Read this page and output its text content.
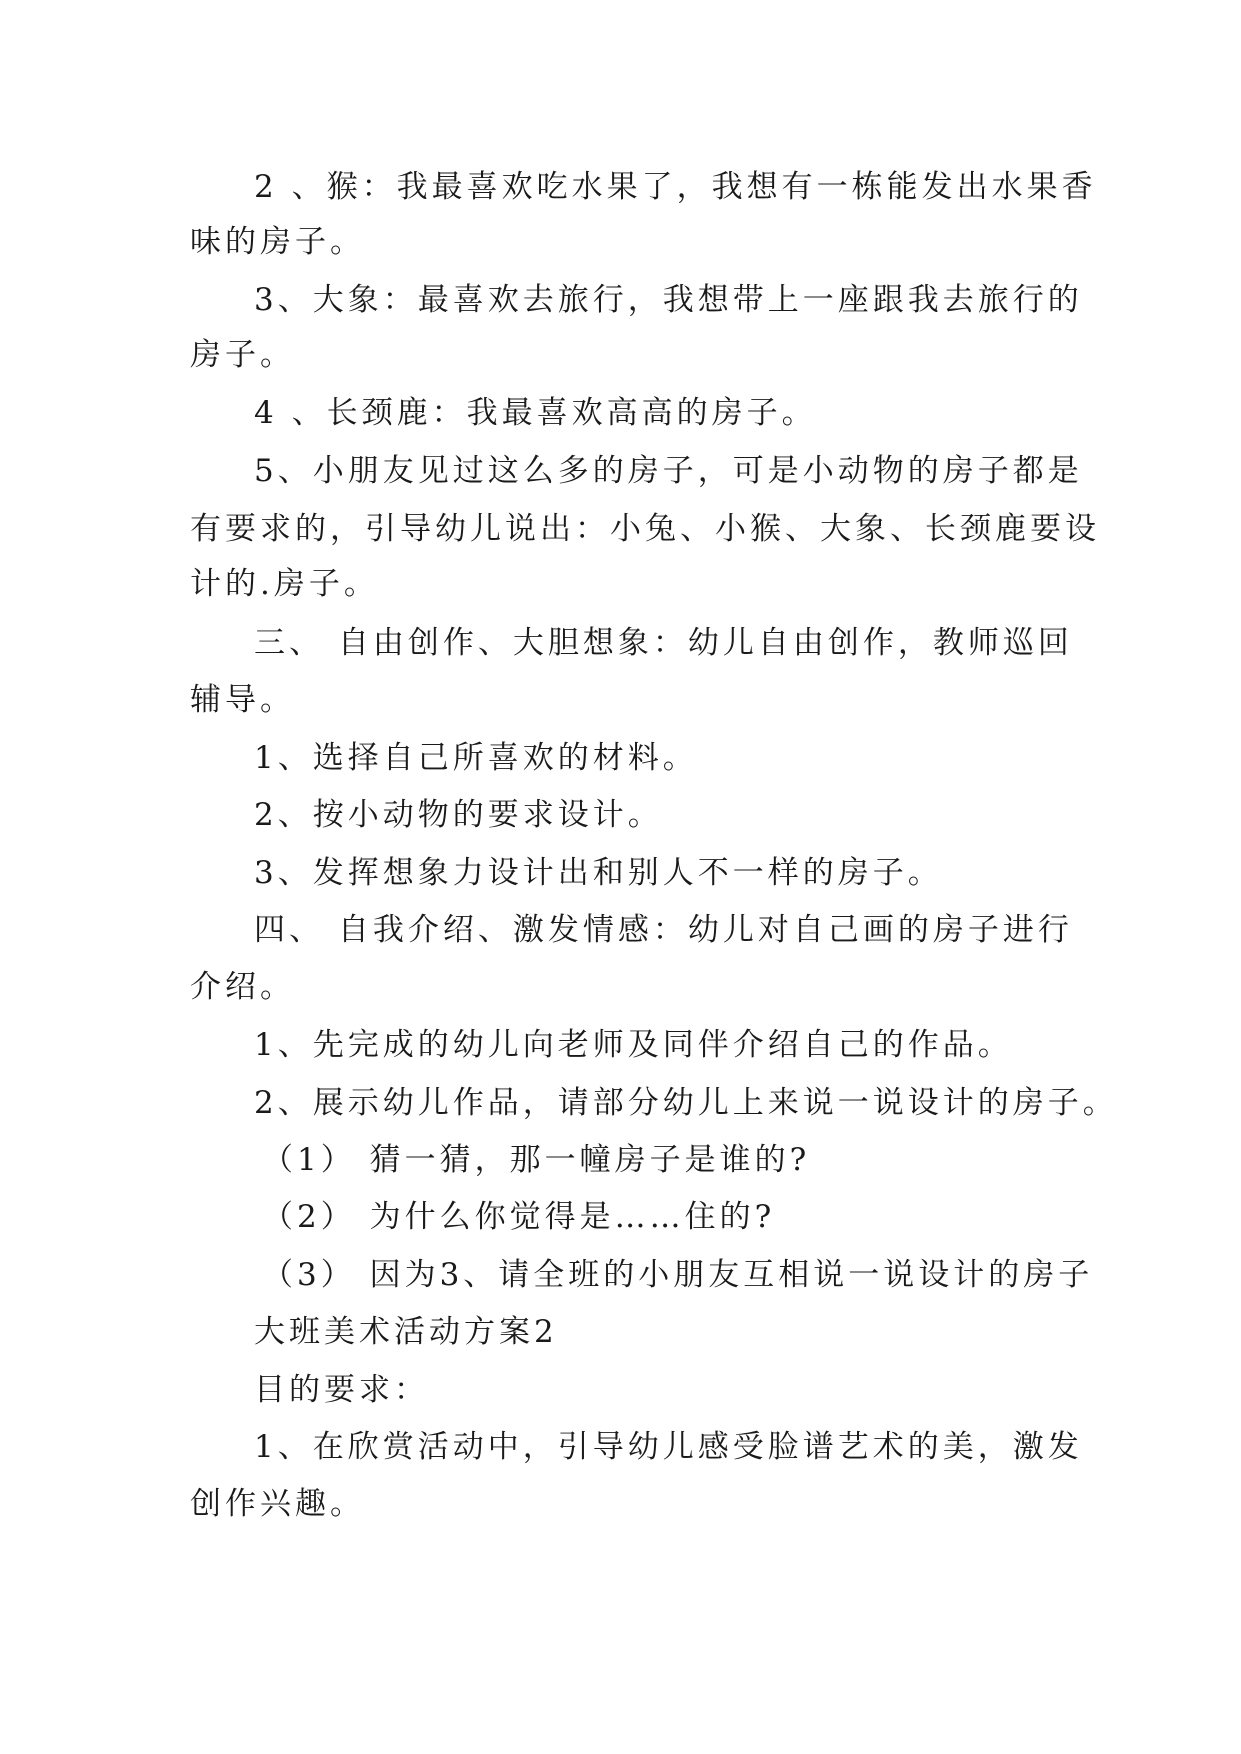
2 、猴：我最喜欢吃水果了，我想有一栋能发出水果香
味的房子。
3、大象：最喜欢去旅行，我想带上一座跟我去旅行的
房子。
4 、长颈鹿：我最喜欢高高的房子。
5、小朋友见过这么多的房子，可是小动物的房子都是
有要求的，引导幼儿说出：小兔、小猴、大象、长颈鹿要设
计的.房子。
三、 自由创作、大胆想象：幼儿自由创作，教师巡回
辅导。
1、选择自己所喜欢的材料。
2、按小动物的要求设计。
3、发挥想象力设计出和别人不一样的房子。
四、 自我介绍、激发情感：幼儿对自己画的房子进行
介绍。
1、先完成的幼儿向老师及同伴介绍自己的作品。
2、展示幼儿作品，请部分幼儿上来说一说设计的房子。
（1） 猜一猜，那一幢房子是谁的?
（2） 为什么你觉得是……住的?
（3） 因为3、请全班的小朋友互相说一说设计的房子
大班美术活动方案2
目的要求：
1、在欣赏活动中，引导幼儿感受脸谱艺术的美，激发
创作兴趣。
